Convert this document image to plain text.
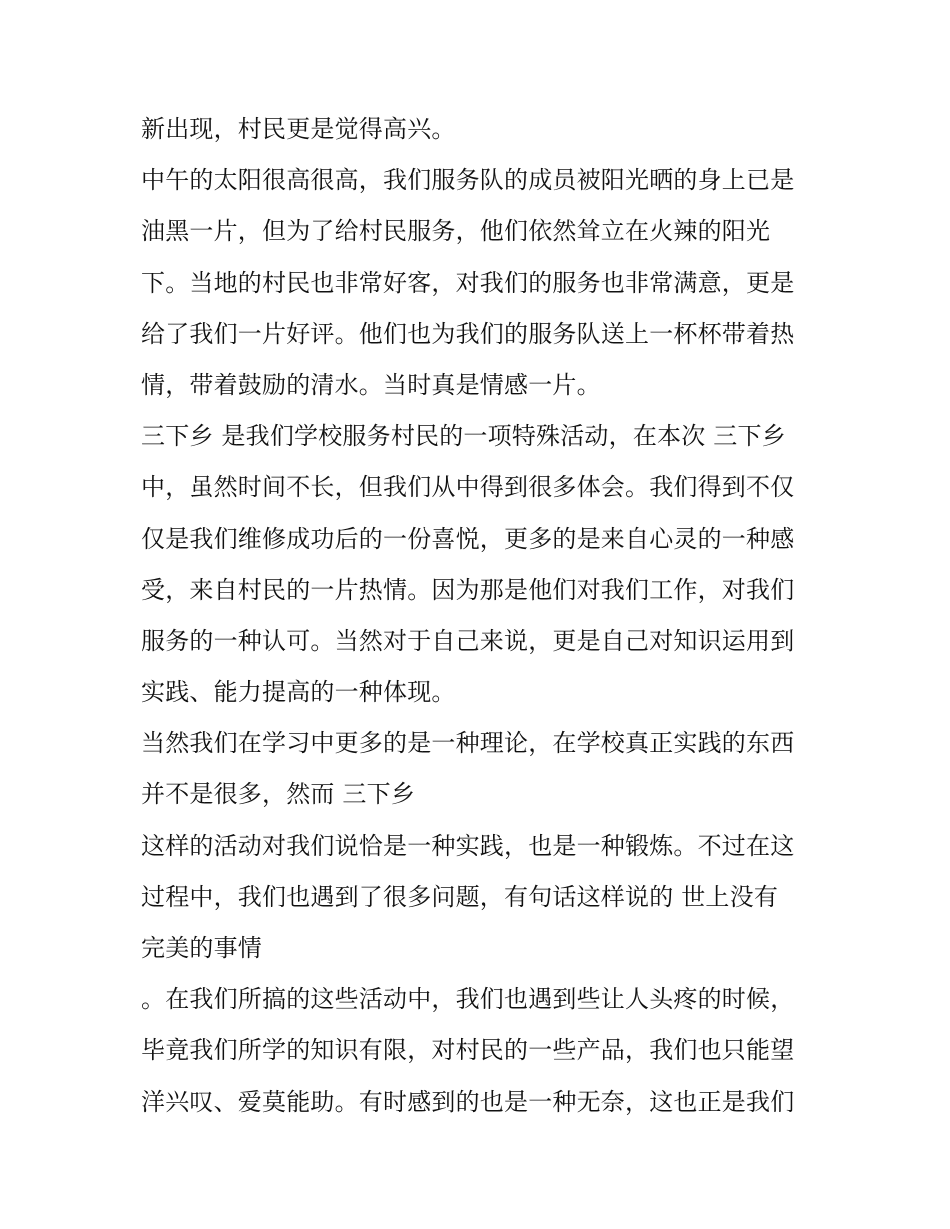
新出现，村民更是觉得高兴。
中午的太阳很高很高，我们服务队的成员被阳光晒的身上已是
油黑一片，但为了给村民服务，他们依然耸立在火辣的阳光
下。当地的村民也非常好客，对我们的服务也非常满意，更是
给了我们一片好评。他们也为我们的服务队送上一杯杯带着热
情，带着鼓励的清水。当时真是情感一片。
三下乡 是我们学校服务村民的一项特殊活动，在本次 三下乡
中，虽然时间不长，但我们从中得到很多体会。我们得到不仅
仅是我们维修成功后的一份喜悦，更多的是来自心灵的一种感
受，来自村民的一片热情。因为那是他们对我们工作，对我们
服务的一种认可。当然对于自己来说，更是自己对知识运用到
实践、能力提高的一种体现。
当然我们在学习中更多的是一种理论，在学校真正实践的东西
并不是很多，然而 三下乡
这样的活动对我们说恰是一种实践，也是一种锻炼。不过在这
过程中，我们也遇到了很多问题，有句话这样说的 世上没有
完美的事情
。在我们所搞的这些活动中，我们也遇到些让人头疼的时候，
毕竟我们所学的知识有限，对村民的一些产品，我们也只能望
洋兴叹、爱莫能助。有时感到的也是一种无奈，这也正是我们
